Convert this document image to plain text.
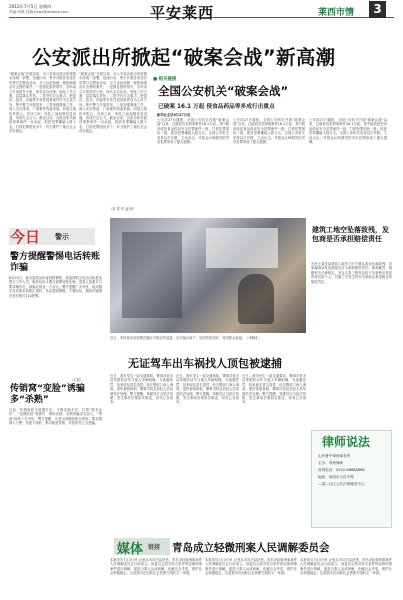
2012年7月5日 星期四
责编:李晨 投稿:news@dzwww.com	平安莱西	莱西市情	3
公安派出所掀起“破案会战”新高潮
“破案会战”开展以来，市公安局各派出所按照市局统一部署，迅速行动，集中开展各类违法犯罪打击整治活动，全力以赴侦破一批影响群众安全感的案件。一是强化组织领导，各所成立专项领导小组，所长亲自挂帅，细化工作方案，层层落实责任。二是突出打击重点，把盗窃、抢夺、诈骗等多发性侵财案件作为主攻方向，集中警力开展攻坚。三是加强基础工作，深入走访排查，广辟案件线索来源。四是注重协作配合，各所之间、所队之间加强信息沟通，形成打击合力。截至目前，各派出所共破获刑事案件一百余起，抓获犯罪嫌疑人数十名，打掉犯罪团伙多个，有力维护了辖区社会治安稳定。
“破案会战”开展以来，市公安局各派出所按照市局统一部署，迅速行动，集中开展各类违法犯罪打击整治活动，全力以赴侦破一批影响群众安全感的案件。一是强化组织领导，各所成立专项领导小组，所长亲自挂帅，细化工作方案，层层落实责任。二是突出打击重点，把盗窃、抢夺、诈骗等多发性侵财案件作为主攻方向，集中警力开展攻坚。三是加强基础工作，深入走访排查，广辟案件线索来源。四是注重协作配合，各所之间、所队之间加强信息沟通，形成打击合力。截至目前，各派出所共破获刑事案件一百余起，抓获犯罪嫌疑人数十名，打掉犯罪团伙多个，有力维护了辖区社会治安稳定。
（宋 零 华 凌 帅）
■ 相关链接
全国公安机关“破案会战”
已破案 16.1 万起 侵食品药品等多成行击重点
新华社北京6月27日电
公安部27日通报，全国公安机关开展“破案会战”以来，已破获各类刑事案件16.1万起，其中破获侵犯食品药品安全犯罪案件一批，打掉犯罪团伙一批，抓获犯罪嫌疑人数万名。全国公安机关坚持以打开路，主动出击，对群众反映强烈的突出犯罪形成了强大震慑。
公安部27日通报，全国公安机关开展“破案会战”以来，已破获各类刑事案件16.1万起，其中破获侵犯食品药品安全犯罪案件一批，打掉犯罪团伙一批，抓获犯罪嫌疑人数万名。全国公安机关坚持以打开路，主动出击，对群众反映强烈的突出犯罪形成了强大震慑。
公安部27日通报，全国公安机关开展“破案会战”以来，已破获各类刑事案件16.1万起，其中破获侵犯食品药品安全犯罪案件一批，打掉犯罪团伙一批，抓获犯罪嫌疑人数万名。全国公安机关坚持以打开路，主动出击，对群众反映强烈的突出犯罪形成了强大震慑。
今日 警示
警方提醒警惕电话转账诈骗
6月29日，我市某派出所接到报警称，其接到陌生电话自称是某银行工作人员，称其信用卡透支需要转账处理，受害人按照对方要求操作后，被骗走现金一万余元。警方提醒广大市民，接到陌生电话要求转账汇款时，务必提高警惕，不要轻信，遇到可疑情况及时拨打110报警。
（王振）
传销窝“变脸”诱骗多“杀熟”
目前，传销组织为逃避打击，不断变换手法，打着“资本运作”、“连锁经营”等旗号，利用亲情、友情诱骗亲友加入，“杀熟”现象十分突出。警方提醒，凡是以高额回报为诱饵、要求缴纳入门费、发展下线的，都可能是传销，市民切勿上当受骗。
近日，李村派出所民警在辖区开展治安巡查，走访辖区商户，宣传防范知识，受到群众欢迎。（李晓东）
无证驾车出车祸找人顶包被逮捕
近日，我市发生一起交通事故，肇事司机无证驾驶机动车与他人车辆相撞，为逃避处罚，找来朋友冒名顶替。经交警部门深入调查，很快查明真相，肇事司机及顶包人员均被依法处理。警方提醒，驾驶员应当依法驾驶，发生事故后要如实陈述，切勿心存侥幸。
近日，我市发生一起交通事故，肇事司机无证驾驶机动车与他人车辆相撞，为逃避处罚，找来朋友冒名顶替。经交警部门深入调查，很快查明真相，肇事司机及顶包人员均被依法处理。警方提醒，驾驶员应当依法驾驶，发生事故后要如实陈述，切勿心存侥幸。
近日，我市发生一起交通事故，肇事司机无证驾驶机动车与他人车辆相撞，为逃避处罚，找来朋友冒名顶替。经交警部门深入调查，很快查明真相，肇事司机及顶包人员均被依法处理。警方提醒，驾驶员应当依法驾驶，发生事故后要如实陈述，切勿心存侥幸。
建筑工地空坠落致残，发包商是否承担赔偿责任
市民王某在某建筑工地务工时不慎从高处坠落致残，其家属询问发包商是否应当承担赔偿责任。律师解答：根据相关法律规定，发包人将工程发包给不具备相应资质的单位或个人，对施工中发生的安全事故应承担相应的赔偿责任。
律师说法
山东鲁中律师事务所
主办：李晨律师
咨询电话：0532-88888888
地址：莱西市文化中路
—国—社区公共法律服务中心
媒体 链接 青岛成立轻微刑案人民调解委员会
本报青岛7月3日讯 记者从市司法局获悉，青岛市轻微刑事案件人民调解委员会日前成立。该委员会将对符合条件的轻微刑事案件进行调解，促进当事人达成和解，化解社会矛盾，维护社会和谐稳定。这是我市在创新社会管理方面的又一举措。
本报青岛7月3日讯 记者从市司法局获悉，青岛市轻微刑事案件人民调解委员会日前成立。该委员会将对符合条件的轻微刑事案件进行调解，促进当事人达成和解，化解社会矛盾，维护社会和谐稳定。这是我市在创新社会管理方面的又一举措。
本报青岛7月3日讯 记者从市司法局获悉，青岛市轻微刑事案件人民调解委员会日前成立。该委员会将对符合条件的轻微刑事案件进行调解，促进当事人达成和解，化解社会矛盾，维护社会和谐稳定。这是我市在创新社会管理方面的又一举措。
